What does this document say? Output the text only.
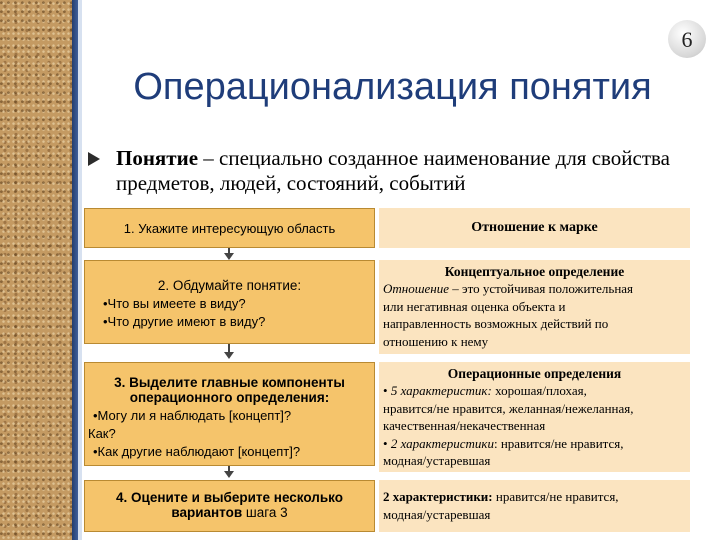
6
Операционализация понятия
Понятие – специально созданное наименование для свойства предметов, людей, состояний, событий
1. Укажите интересующую область
2. Обдумайте понятие:
•Что вы имеете в виду?
•Что другие имеют в виду?
3. Выделите главные компоненты
операционного определения:
•Могу ли я наблюдать [концепт]?
Как?
•Как другие наблюдают [концепт]?
4. Оцените и выберите несколько
вариантов шага 3
Отношение к марке
Концептуальное определение
Отношение – это устойчивая положительная
или негативная оценка объекта и
направленность возможных действий по
отношению к нему
Операционные определения
• 5 характеристик: хорошая/плохая,
нравится/не нравится, желанная/нежеланная,
качественная/некачественная
• 2 характеристики: нравится/не нравится,
модная/устаревшая
2 характеристики: нравится/не нравится,
модная/устаревшая
